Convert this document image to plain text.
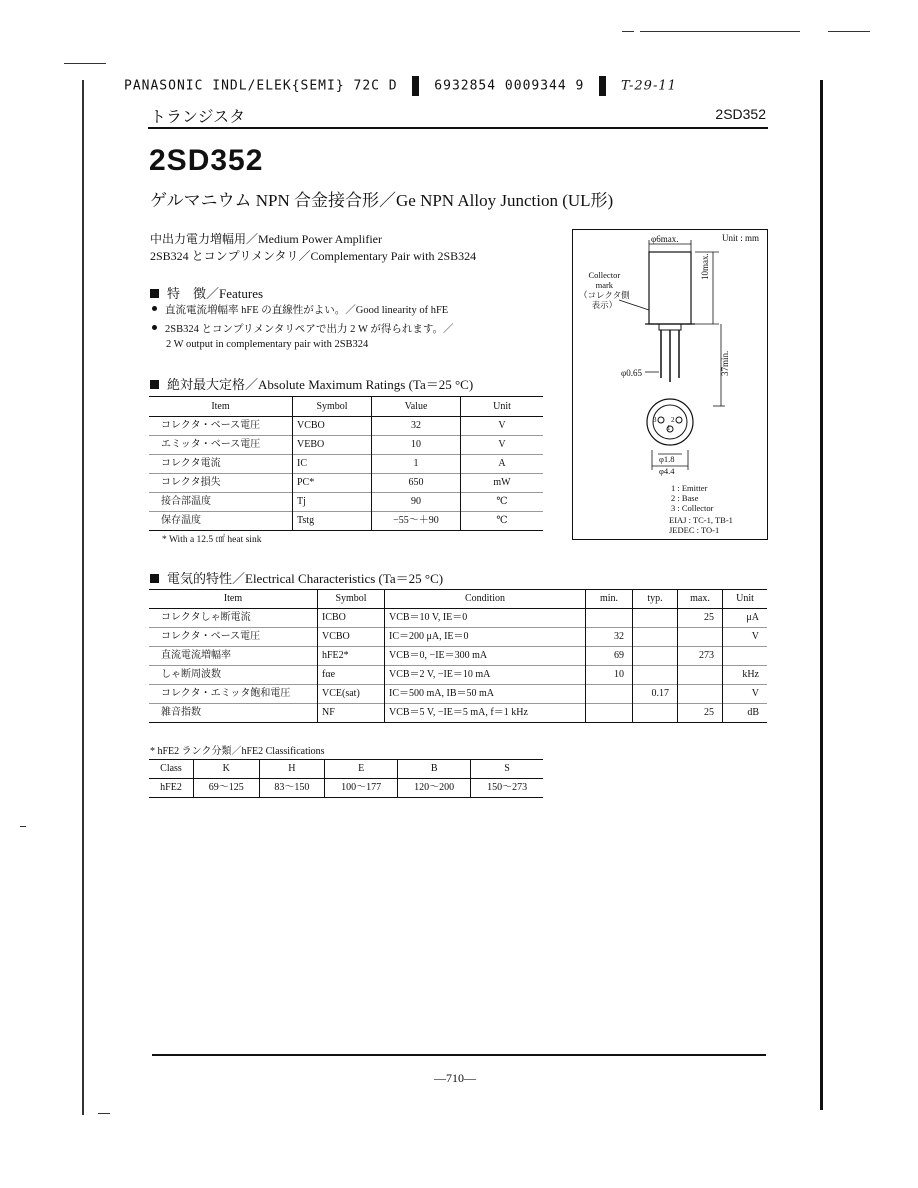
PANASONIC INDL/ELEK{SEMI} 72C D	6932854 0009344 9	T-29-11
トランジスタ	2SD352
2SD352
ゲルマニウム NPN 合金接合形／Ge NPN Alloy Junction (UL形)
中出力電力増幅用／Medium Power Amplifier
2SB324 とコンプリメンタリ／Complementary Pair with 2SB324
特　徴／Features
直流電流増幅率 hFE の直線性がよい。／Good linearity of hFE
2SB324 とコンプリメンタリペアで出力 2 W が得られます。／
2 W output in complementary pair with 2SB324
絶対最大定格／Absolute Maximum Ratings (Ta＝25 °C)
Item	Symbol	Value	Unit
コレクタ・ベース電圧	VCBO	32	V
エミッタ・ベース電圧	VEBO	10	V
コレクタ電流	IC	1	A
コレクタ損失	PC*	650	mW
接合部温度	Tj	90	℃
保存温度	Tstg	−55～＋90	℃
* With a 12.5 ㎠ heat sink
Unit : mm
φ6max.
10max.
37min.
φ0.65
Collector
mark
（コレクタ側
表示）
3 2
1
φ1.8
φ4.4
1 : Emitter
2 : Base
3 : Collector
EIAJ : TC-1, TB-1
JEDEC : TO-1
電気的特性／Electrical Characteristics (Ta＝25 °C)
Item	Symbol	Condition	min.	typ.	max.	Unit
コレクタしゃ断電流	ICBO	VCB＝10 V, IE＝0			25	μA
コレクタ・ベース電圧	VCBO	IC＝200 μA, IE＝0	32			V
直流電流増幅率	hFE2*	VCB＝0, −IE＝300 mA	69		273	
しゃ断周波数	fαe	VCB＝2 V, −IE＝10 mA	10			kHz
コレクタ・エミッタ飽和電圧	VCE(sat)	IC＝500 mA, IB＝50 mA		0.17		V
雑音指数	NF	VCB＝5 V, −IE＝5 mA, f＝1 kHz			25	dB
* hFE2 ランク分類／hFE2 Classifications
Class	K	H	E	B	S
hFE2	69～125	83～150	100～177	120～200	150～273
—710—
